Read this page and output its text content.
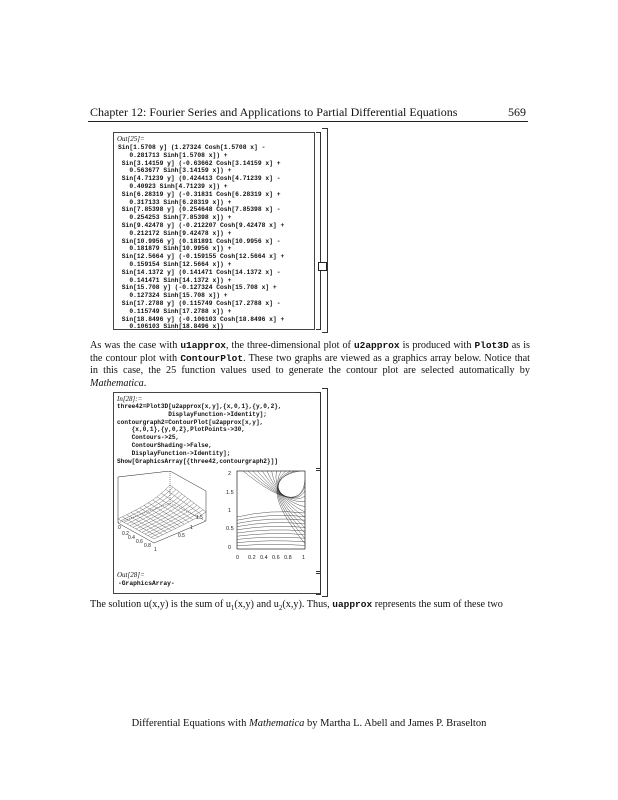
Chapter 12: Fourier Series and Applications to Partial Differential Equations	569
Out[25]=
Sin[1.5708 y] (1.27324 Cosh[1.5708 x] -
0.281713 Sinh[1.5708 x]) +
Sin[3.14159 y] (-0.63662 Cosh[3.14159 x] +
0.563677 Sinh[3.14159 x]) +
Sin[4.71239 y] (0.424413 Cosh[4.71239 x] -
0.40923 Sinh[4.71239 x]) +
Sin[6.28319 y] (-0.31831 Cosh[6.28319 x] +
0.317133 Sinh[6.28319 x]) +
Sin[7.85398 y] (0.254648 Cosh[7.85398 x] -
0.254253 Sinh[7.85398 x]) +
Sin[9.42478 y] (-0.212207 Cosh[9.42478 x] +
0.212172 Sinh[9.42478 x]) +
Sin[10.9956 y] (0.181891 Cosh[10.9956 x] -
0.181879 Sinh[10.9956 x]) +
Sin[12.5664 y] (-0.159155 Cosh[12.5664 x] +
0.159154 Sinh[12.5664 x]) +
Sin[14.1372 y] (0.141471 Cosh[14.1372 x] -
0.141471 Sinh[14.1372 x]) +
Sin[15.708 y] (-0.127324 Cosh[15.708 x] +
0.127324 Sinh[15.708 x]) +
Sin[17.2788 y] (0.115749 Cosh[17.2788 x] -
0.115749 Sinh[17.2788 x]) +
Sin[18.8496 y] (-0.106103 Cosh[18.8496 x] +
0.106103 Sinh[18.8496 x])
As was the case with u1approx, the three-dimensional plot of u2approx is produced with Plot3D as is the contour plot with ContourPlot. These two graphs are viewed as a graphics array below. Notice that in this case, the 25 function values used to generate the contour plot are selected automatically by Mathematica.
In[28]:=
three42=Plot3D[u2approx[x,y],{x,0,1},{y,0,2},
DisplayFunction->Identity];
contourgraph2=ContourPlot[u2approx[x,y],
{x,0,1},{y,0,2},PlotPoints->30,
Contours->25,
ContourShading->False,
DisplayFunction->Identity];
Show[GraphicsArray[{three42,contourgraph2}]]
0.2
0.4
0.6
0.8
1
0
1.5
1
0.5
2
1.5
1
0.5
0
0 0.2 0.4 0.6 0.8 1
Out[28]=
-GraphicsArray-
The solution u(x,y) is the sum of $u_1(x,y)$ and $u_2(x,y)$. Thus, uapprox represents the sum of these two
Differential Equations with Mathematica by Martha L. Abell and James P. Braselton
